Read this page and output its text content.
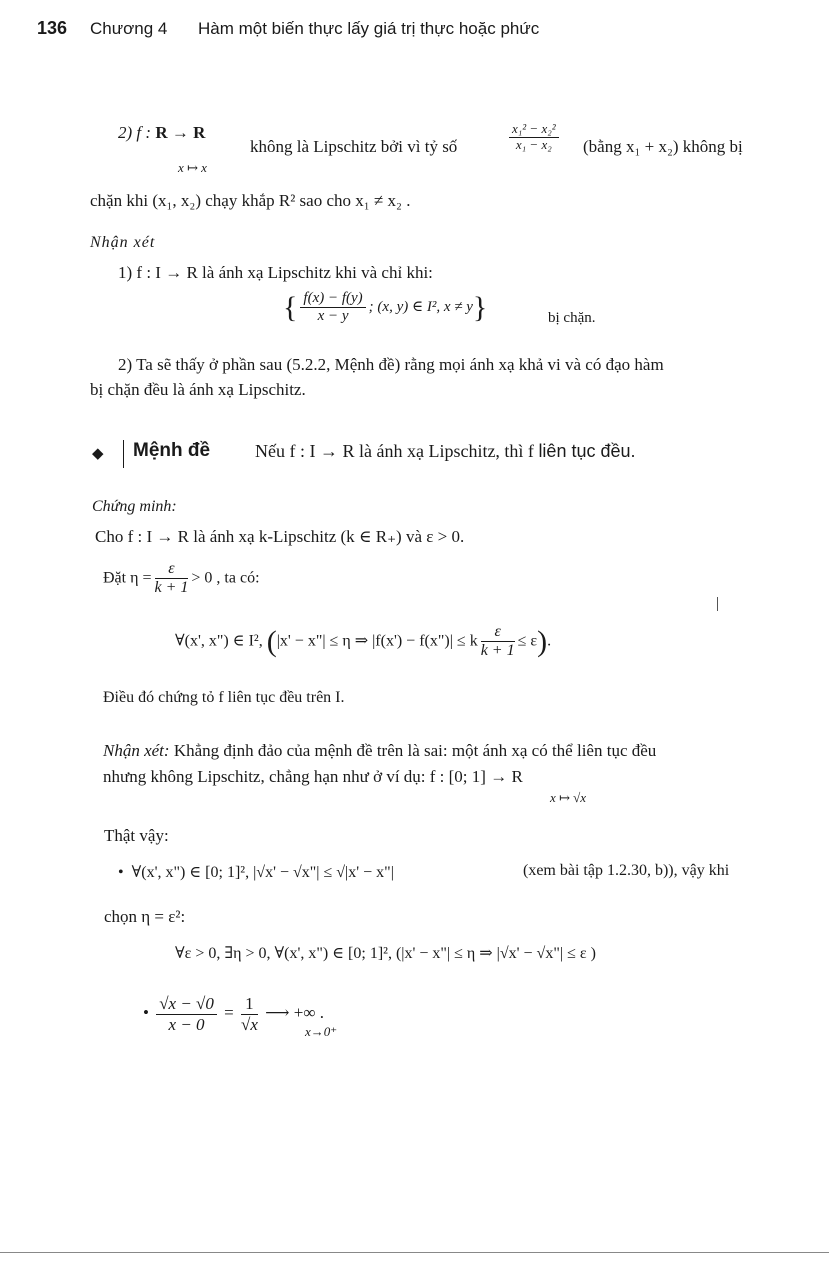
136 Chương 4 Hàm một biến thực lấy giá trị thực hoặc phức
2) f : R → R
x ↦ x
không là Lipschitz bởi vì tỷ số	$\frac{\text{x₁² − x₂²}}{\text{x₁ − x₂}}$ (bằng x₁ + x₂) không bị
chặn khi (x₁, x₂) chạy khắp R² sao cho x₁ ≠ x₂ .
Nhận xét
1) f : I → R là ánh xạ Lipschitz khi và chỉ khi:
{ $\frac{f(x) - f(y)}{x - y}$ ; (x, y) ∈ I², x ≠ y}	bị chặn.
2) Ta sẽ thấy ở phần sau (5.2.2, Mệnh đề) rằng mọi ánh xạ khả vi và có đạo hàm
bị chặn đều là ánh xạ Lipschitz.
◆ Mệnh đề Nếu f : I → R là ánh xạ Lipschitz, thì f liên tục đều.
Chứng minh:
Cho f : I → R là ánh xạ k-Lipschitz (k ∈ R₊) và ε > 0.
Đặt $\eta = \frac{\varepsilon}{k + 1} > 0$ , ta có:
∀(x', x") ∈ I², (|x' − x"| ≤ η ⇒ |f(x') − f(x")| ≤ k $\frac{\varepsilon}{k + 1} \le \varepsilon$).
Điều đó chứng tỏ f liên tục đều trên I.
Nhận xét: Khẳng định đảo của mệnh đề trên là sai: một ánh xạ có thể liên tục đều
nhưng không Lipschitz, chẳng hạn như ở ví dụ: f : [0; 1] → R
x ↦ √x
Thật vậy:
• ∀(x', x") ∈ [0; 1]², |√x' − √x"| ≤ √|x' − x"|	(xem bài tập 1.2.30, b)), vậy khi
chọn η = ε²:
∀ε > 0, ∃η > 0, ∀(x', x") ∈ [0; 1]², (|x' − x"| ≤ η ⇒ |√x' − √x"| ≤ ε )
• $\frac{√x - √0}{x - 0} = \frac{1}{√x}$ ⟶ +∞ .
x→0⁺
